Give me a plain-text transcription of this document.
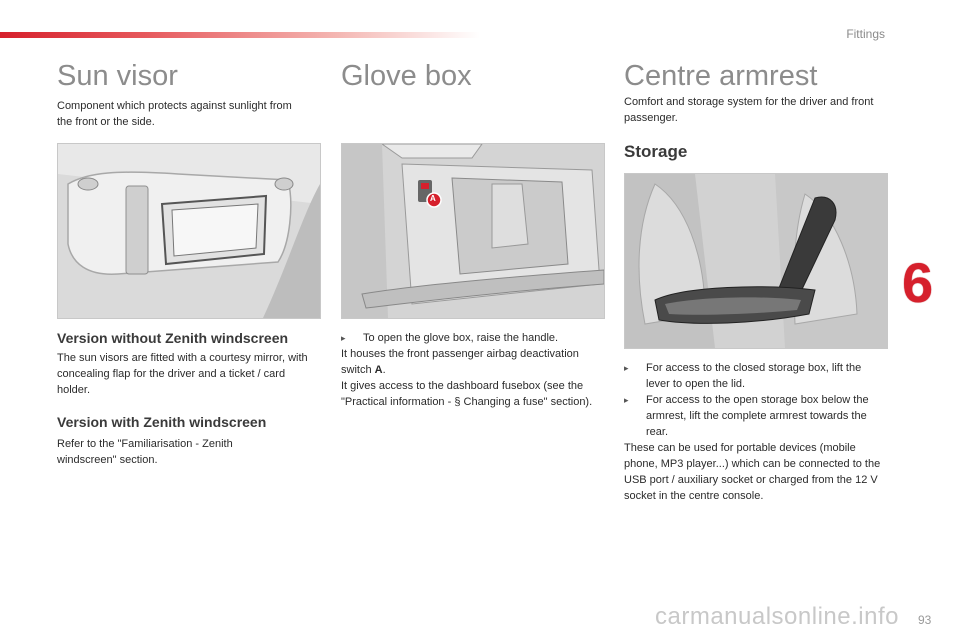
Fittings
Sun visor

Component which protects against sunlight from the front or the side.

Version without Zenith windscreen

The sun visors are fitted with a courtesy mirror, with concealing flap for the driver and a ticket / card holder.

Version with Zenith windscreen

Refer to the "Familiarisation - Zenith windscreen" section.

Glove box
A
▸ To open the glove box, raise the handle.
It houses the front passenger airbag deactivation switch A.
It gives access to the dashboard fusebox (see the "Practical information - § Changing a fuse" section).
Centre armrest

Comfort and storage system for the driver and front passenger.

Storage
▸ For access to the closed storage box, lift the lever to open the lid.
▸ For access to the open storage box below the armrest, lift the complete armrest towards the rear.
These can be used for portable devices (mobile phone, MP3 player...) which can be connected to the USB port / auxiliary socket or charged from the 12 V socket in the centre console.
6
carmanualsonline.info 93
